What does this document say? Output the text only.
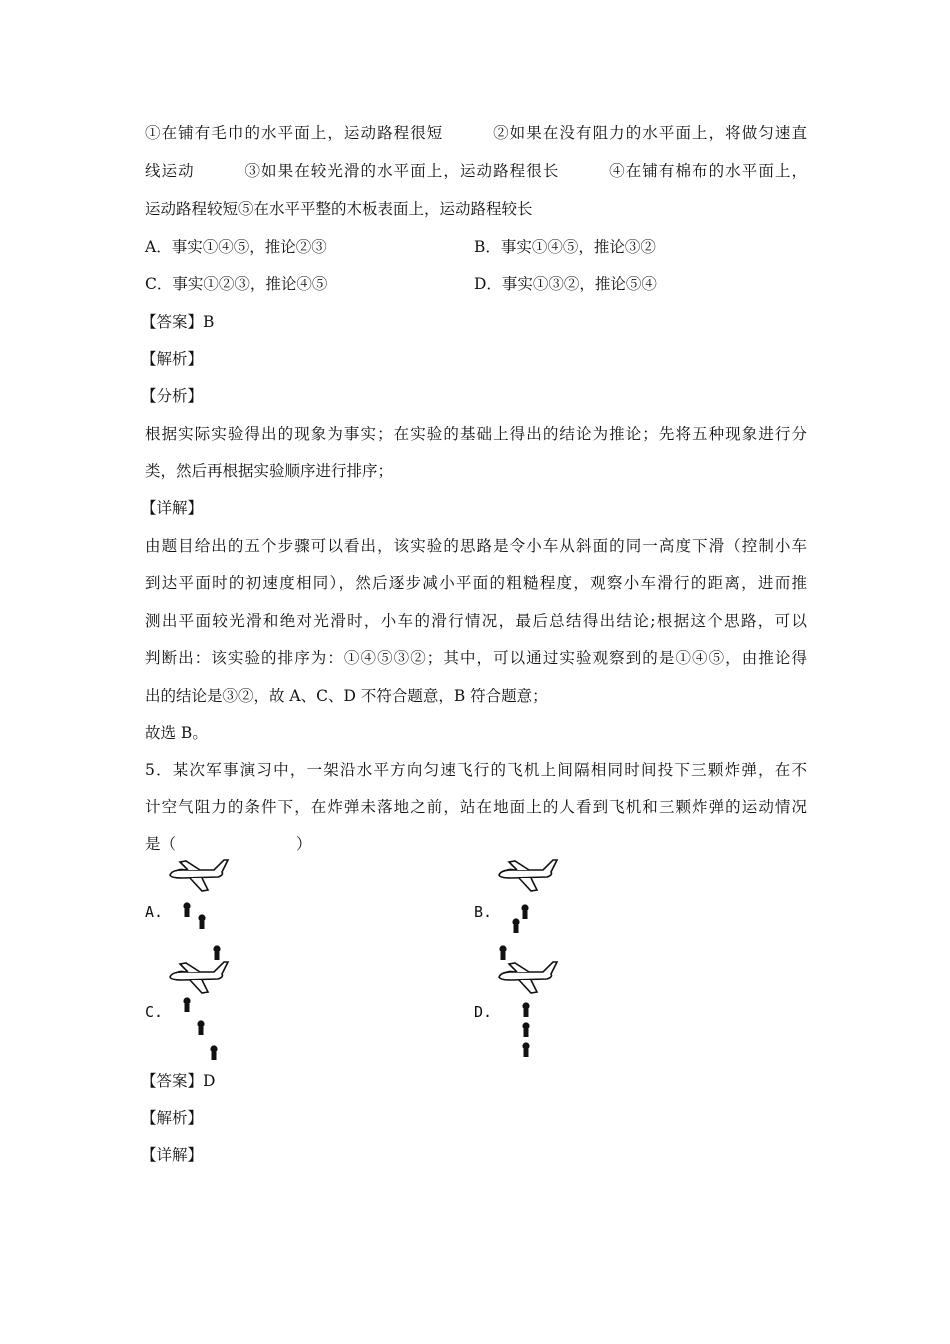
①在铺有毛巾的水平面上，运动路程很短　　　②如果在没有阻力的水平面上，将做匀速直
线运动　　　③如果在较光滑的水平面上，运动路程很长　　　④在铺有棉布的水平面上，
运动路程较短⑤在水平平整的木板表面上，运动路程较长
A．事实①④⑤，推论②③	B．事实①④⑤，推论③②
C．事实①②③，推论④⑤	D．事实①③②，推论⑤④
【答案】B
【解析】
【分析】
根据实际实验得出的现象为事实；在实验的基础上得出的结论为推论；先将五种现象进行分
类，然后再根据实验顺序进行排序；
【详解】
由题目给出的五个步骤可以看出，该实验的思路是令小车从斜面的同一高度下滑（控制小车
到达平面时的初速度相同），然后逐步减小平面的粗糙程度，观察小车滑行的距离，进而推
测出平面较光滑和绝对光滑时，小车的滑行情况，最后总结得出结论;根据这个思路，可以
判断出：该实验的排序为：①④⑤③②；其中，可以通过实验观察到的是①④⑤，由推论得
出的结论是③②，故 A、C、D 不符合题意，B 符合题意；
故选 B。
5．某次军事演习中，一架沿水平方向匀速飞行的飞机上间隔相同时间投下三颗炸弹，在不
计空气阻力的条件下，在炸弹未落地之前，站在地面上的人看到飞机和三颗炸弹的运动情况
是（	）
A.	B.
C.	D.
【答案】D
【解析】
【详解】
